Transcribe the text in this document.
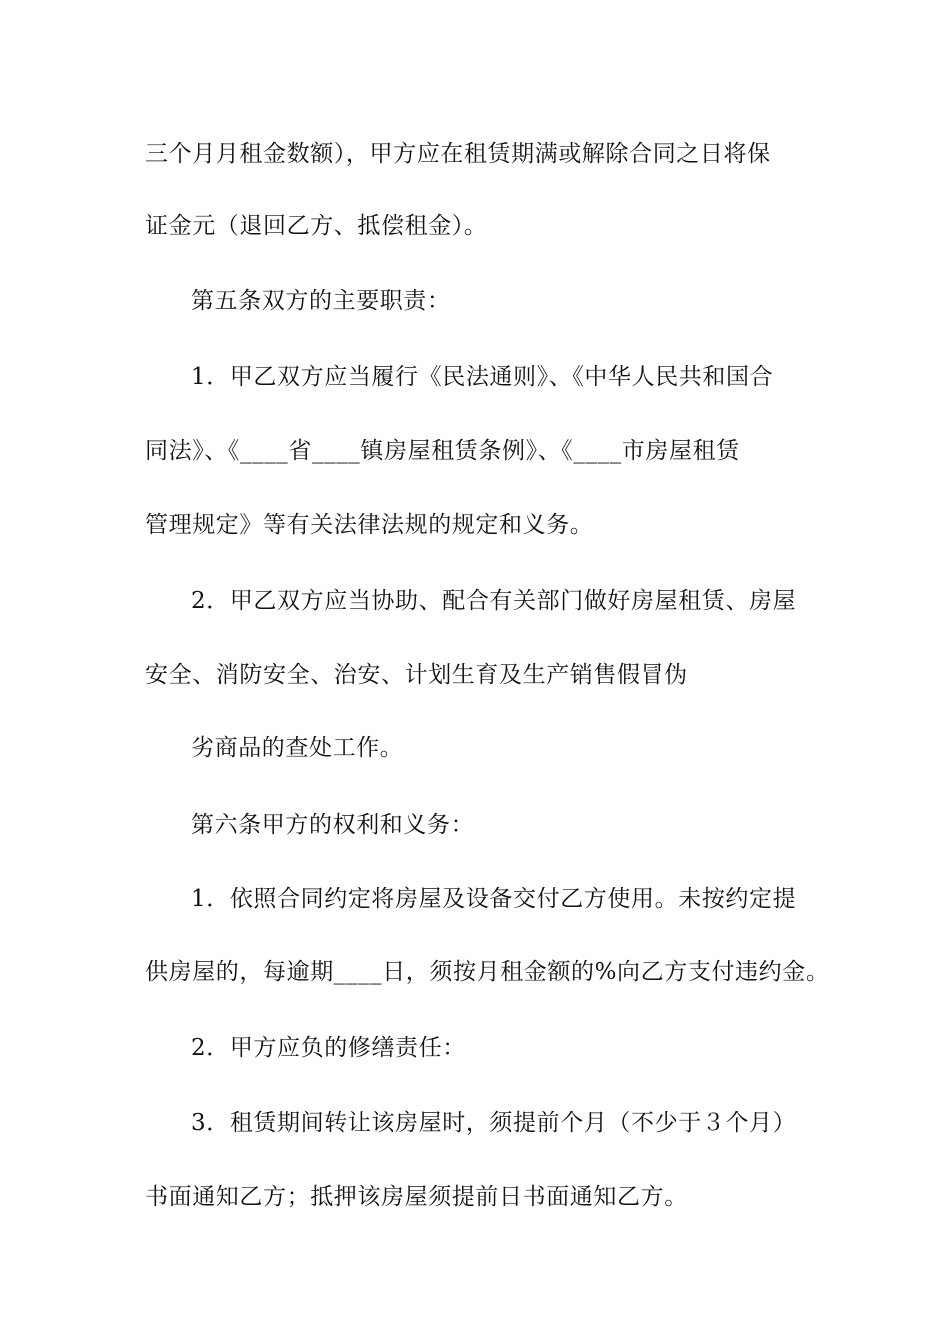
三个月月租金数额），甲方应在租赁期满或解除合同之日将保
证金元（退回乙方、抵偿租金）。
第五条双方的主要职责：
1．甲乙双方应当履行《民法通则》、《中华人民共和国合
同法》、《____省____镇房屋租赁条例》、《____市房屋租赁
管理规定》等有关法律法规的规定和义务。
2．甲乙双方应当协助、配合有关部门做好房屋租赁、房屋
安全、消防安全、治安、计划生育及生产销售假冒伪
劣商品的查处工作。
第六条甲方的权利和义务：
1．依照合同约定将房屋及设备交付乙方使用。未按约定提
供房屋的，每逾期____日，须按月租金额的%向乙方支付违约金。
2．甲方应负的修缮责任：
3．租赁期间转让该房屋时，须提前个月（不少于３个月）
书面通知乙方；抵押该房屋须提前日书面通知乙方。
